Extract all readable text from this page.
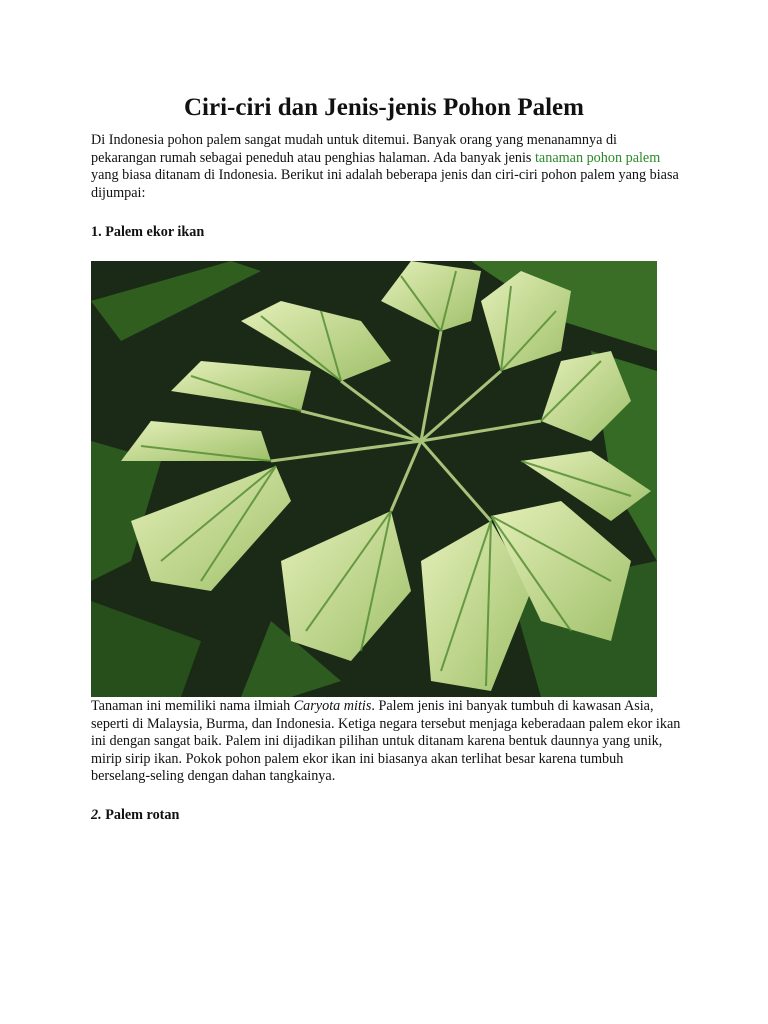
Ciri-ciri dan Jenis-jenis Pohon Palem

Di Indonesia pohon palem sangat mudah untuk ditemui. Banyak orang yang menanamnya di pekarangan rumah sebagai peneduh atau penghias halaman. Ada banyak jenis tanaman pohon palem yang biasa ditanam di Indonesia. Berikut ini adalah beberapa jenis dan ciri-ciri pohon palem yang biasa dijumpai:

1. Palem ekor ikan

Tanaman ini memiliki nama ilmiah Caryota mitis. Palem jenis ini banyak tumbuh di kawasan Asia, seperti di Malaysia, Burma, dan Indonesia. Ketiga negara tersebut menjaga keberadaan palem ekor ikan ini dengan sangat baik. Palem ini dijadikan pilihan untuk ditanam karena bentuk daunnya yang unik, mirip sirip ikan. Pokok pohon palem ekor ikan ini biasanya akan terlihat besar karena tumbuh berselang-seling dengan dahan tangkainya.

2. Palem rotan
